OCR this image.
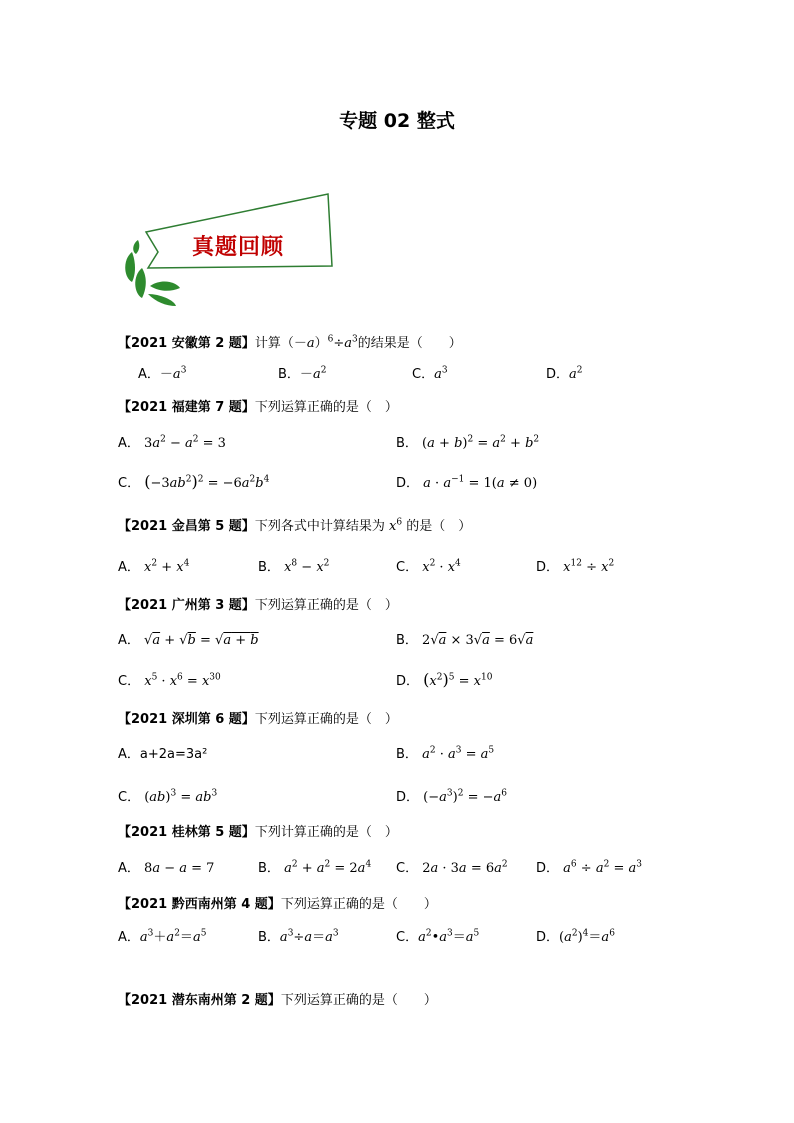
专题 02 整式
真题回顾
【2021 安徽第 2 题】计算$(-a)^6\div a^3$的结果是（　　）
A．$-a^3$	B．$-a^2$	C．$a^3$	D．$a^2$
【2021 福建第 7 题】下列运算正确的是（　）
A． $3a^2 - a^2 = 3$	B． $(a + b)^2 = a^2 + b^2$
C． $(-3ab^2)^2 = -6a^2b^4$	D． $a \cdot a^{-1} = 1(a \ne 0)$
【2021 金昌第 5 题】下列各式中计算结果为 $x^6$ 的是（　）
A． $x^2 + x^4$	B． $x^8 - x^2$	C． $x^2 \cdot x^4$	D． $x^{12} \div x^2$
【2021 广州第 3 题】下列运算正确的是（　）
A． √a + √b = √a + b	B． 2√a × 3√a = 6√a
C． $x^5 \cdot x^6 = x^{30}$	D． $(x^2)^5 = x^{10}$
【2021 深圳第 6 题】下列运算正确的是（　）
A．a+2a=3a²	B． $a^2 \cdot a^3 = a^5$
C． $(ab)^3 = ab^3$	D． $(-a^3)^2 = -a^6$
【2021 桂林第 5 题】下列计算正确的是（　）
A． 8a − a = 7	B． $a^2 + a^2 = 2a^4$ C． $2a \cdot 3a = 6a^2$ D． $a^6 \div a^2 = a^3$
【2021 黔西南州第 4 题】下列运算正确的是（　　）
A．$a^3+a^2=a^5$	B．$a^3\div a=a^3$	C．$a^2•a^3=a^5$	D．$(a^2)^4=a^6$
【2021 潜东南州第 2 题】下列运算正确的是（　　）
